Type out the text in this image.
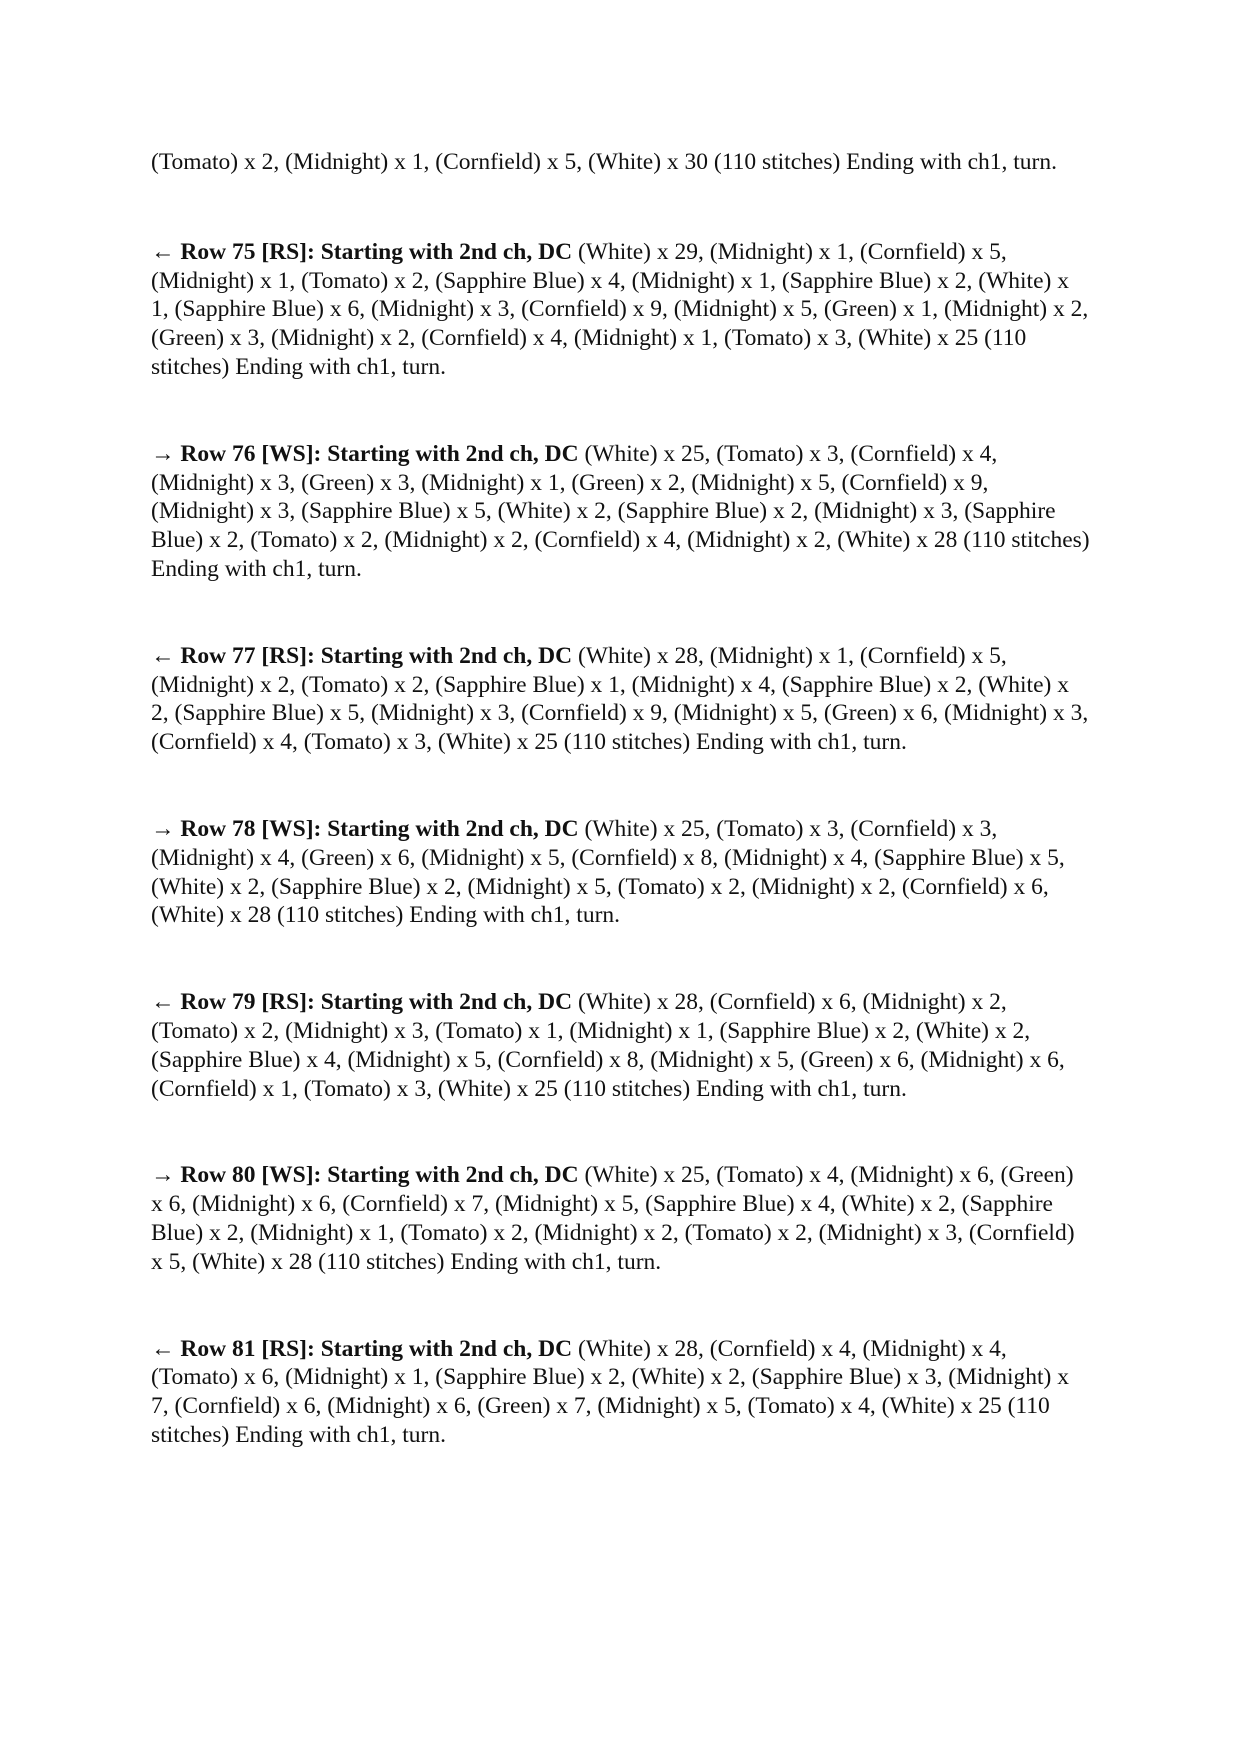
(Tomato) x 2, (Midnight) x 1, (Cornfield) x 5, (White) x 30 (110 stitches) Ending with ch1, turn.

← Row 75 [RS]: Starting with 2nd ch, DC (White) x 29, (Midnight) x 1, (Cornfield) x 5, (Midnight) x 1, (Tomato) x 2, (Sapphire Blue) x 4, (Midnight) x 1, (Sapphire Blue) x 2, (White) x 1, (Sapphire Blue) x 6, (Midnight) x 3, (Cornfield) x 9, (Midnight) x 5, (Green) x 1, (Midnight) x 2, (Green) x 3, (Midnight) x 2, (Cornfield) x 4, (Midnight) x 1, (Tomato) x 3, (White) x 25 (110 stitches) Ending with ch1, turn.

→ Row 76 [WS]: Starting with 2nd ch, DC (White) x 25, (Tomato) x 3, (Cornfield) x 4, (Midnight) x 3, (Green) x 3, (Midnight) x 1, (Green) x 2, (Midnight) x 5, (Cornfield) x 9, (Midnight) x 3, (Sapphire Blue) x 5, (White) x 2, (Sapphire Blue) x 2, (Midnight) x 3, (Sapphire Blue) x 2, (Tomato) x 2, (Midnight) x 2, (Cornfield) x 4, (Midnight) x 2, (White) x 28 (110 stitches) Ending with ch1, turn.

← Row 77 [RS]: Starting with 2nd ch, DC (White) x 28, (Midnight) x 1, (Cornfield) x 5, (Midnight) x 2, (Tomato) x 2, (Sapphire Blue) x 1, (Midnight) x 4, (Sapphire Blue) x 2, (White) x 2, (Sapphire Blue) x 5, (Midnight) x 3, (Cornfield) x 9, (Midnight) x 5, (Green) x 6, (Midnight) x 3, (Cornfield) x 4, (Tomato) x 3, (White) x 25 (110 stitches) Ending with ch1, turn.

→ Row 78 [WS]: Starting with 2nd ch, DC (White) x 25, (Tomato) x 3, (Cornfield) x 3, (Midnight) x 4, (Green) x 6, (Midnight) x 5, (Cornfield) x 8, (Midnight) x 4, (Sapphire Blue) x 5, (White) x 2, (Sapphire Blue) x 2, (Midnight) x 5, (Tomato) x 2, (Midnight) x 2, (Cornfield) x 6, (White) x 28 (110 stitches) Ending with ch1, turn.

← Row 79 [RS]: Starting with 2nd ch, DC (White) x 28, (Cornfield) x 6, (Midnight) x 2, (Tomato) x 2, (Midnight) x 3, (Tomato) x 1, (Midnight) x 1, (Sapphire Blue) x 2, (White) x 2, (Sapphire Blue) x 4, (Midnight) x 5, (Cornfield) x 8, (Midnight) x 5, (Green) x 6, (Midnight) x 6, (Cornfield) x 1, (Tomato) x 3, (White) x 25 (110 stitches) Ending with ch1, turn.

→ Row 80 [WS]: Starting with 2nd ch, DC (White) x 25, (Tomato) x 4, (Midnight) x 6, (Green) x 6, (Midnight) x 6, (Cornfield) x 7, (Midnight) x 5, (Sapphire Blue) x 4, (White) x 2, (Sapphire Blue) x 2, (Midnight) x 1, (Tomato) x 2, (Midnight) x 2, (Tomato) x 2, (Midnight) x 3, (Cornfield) x 5, (White) x 28 (110 stitches) Ending with ch1, turn.

← Row 81 [RS]: Starting with 2nd ch, DC (White) x 28, (Cornfield) x 4, (Midnight) x 4, (Tomato) x 6, (Midnight) x 1, (Sapphire Blue) x 2, (White) x 2, (Sapphire Blue) x 3, (Midnight) x 7, (Cornfield) x 6, (Midnight) x 6, (Green) x 7, (Midnight) x 5, (Tomato) x 4, (White) x 25 (110 stitches) Ending with ch1, turn.
